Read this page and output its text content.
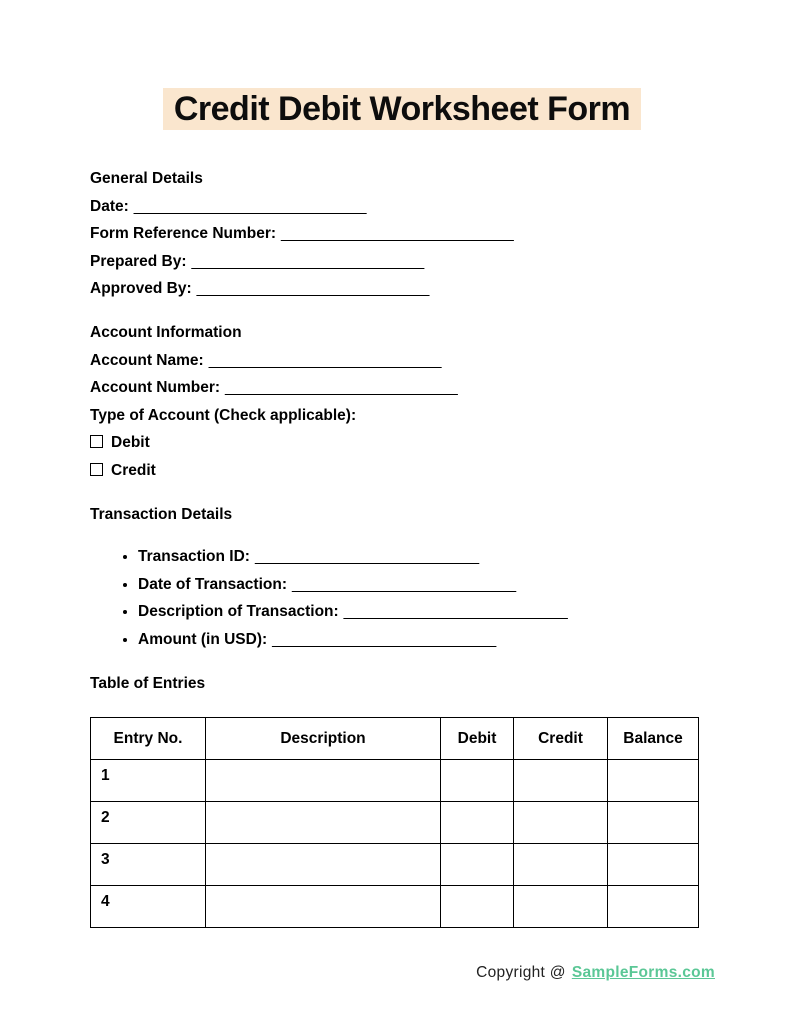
Credit Debit Worksheet Form

General Details

Date: ___________________________

Form Reference Number: ___________________________

Prepared By: ___________________________

Approved By: ___________________________

Account Information

Account Name: ___________________________

Account Number: ___________________________

Type of Account (Check applicable):

Debit

Credit

Transaction Details

• Transaction ID: __________________________
• Date of Transaction: __________________________
• Description of Transaction: __________________________
• Amount (in USD): __________________________

Table of Entries

Entry No.	Description	Debit	Credit	Balance
1				
2				
3				
4				
Copyright @ SampleForms.com
